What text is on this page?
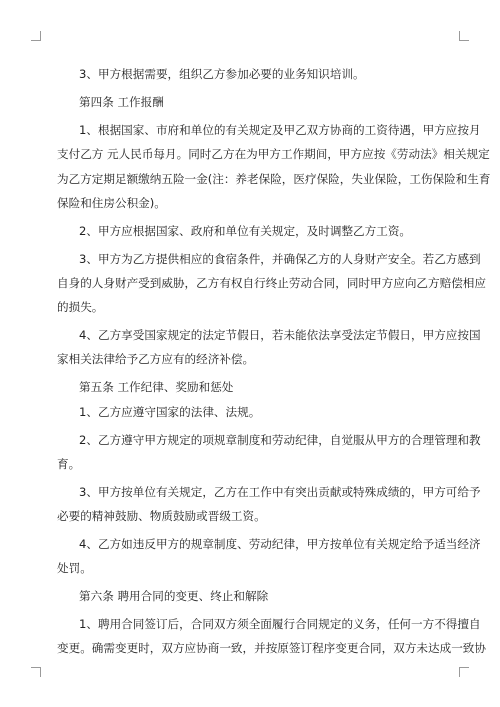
3、甲方根据需要，组织乙方参加必要的业务知识培训。
第四条 工作报酬
1、根据国家、市府和单位的有关规定及甲乙双方协商的工资待遇，甲方应按月
支付乙方 元人民币每月。同时乙方在为甲方工作期间，甲方应按《劳动法》相关规定
为乙方定期足额缴纳五险一金(注：养老保险，医疗保险，失业保险，工伤保险和生育
保险和住房公积金)。
2、甲方应根据国家、政府和单位有关规定，及时调整乙方工资。
3、甲方为乙方提供相应的食宿条件，并确保乙方的人身财产安全。若乙方感到
自身的人身财产受到威胁，乙方有权自行终止劳动合同，同时甲方应向乙方赔偿相应
的损失。
4、乙方享受国家规定的法定节假日，若未能依法享受法定节假日，甲方应按国
家相关法律给予乙方应有的经济补偿。
第五条 工作纪律、奖励和惩处
1、乙方应遵守国家的法律、法规。
2、乙方遵守甲方规定的项规章制度和劳动纪律，自觉服从甲方的合理管理和教
育。
3、甲方按单位有关规定，乙方在工作中有突出贡献或特殊成绩的，甲方可给予
必要的精神鼓励、物质鼓励或晋级工资。
4、乙方如违反甲方的规章制度、劳动纪律，甲方按单位有关规定给予适当经济
处罚。
第六条 聘用合同的变更、终止和解除
1、聘用合同签订后，合同双方须全面履行合同规定的义务，任何一方不得擅自
变更。确需变更时，双方应协商一致，并按原签订程序变更合同，双方未达成一致协
